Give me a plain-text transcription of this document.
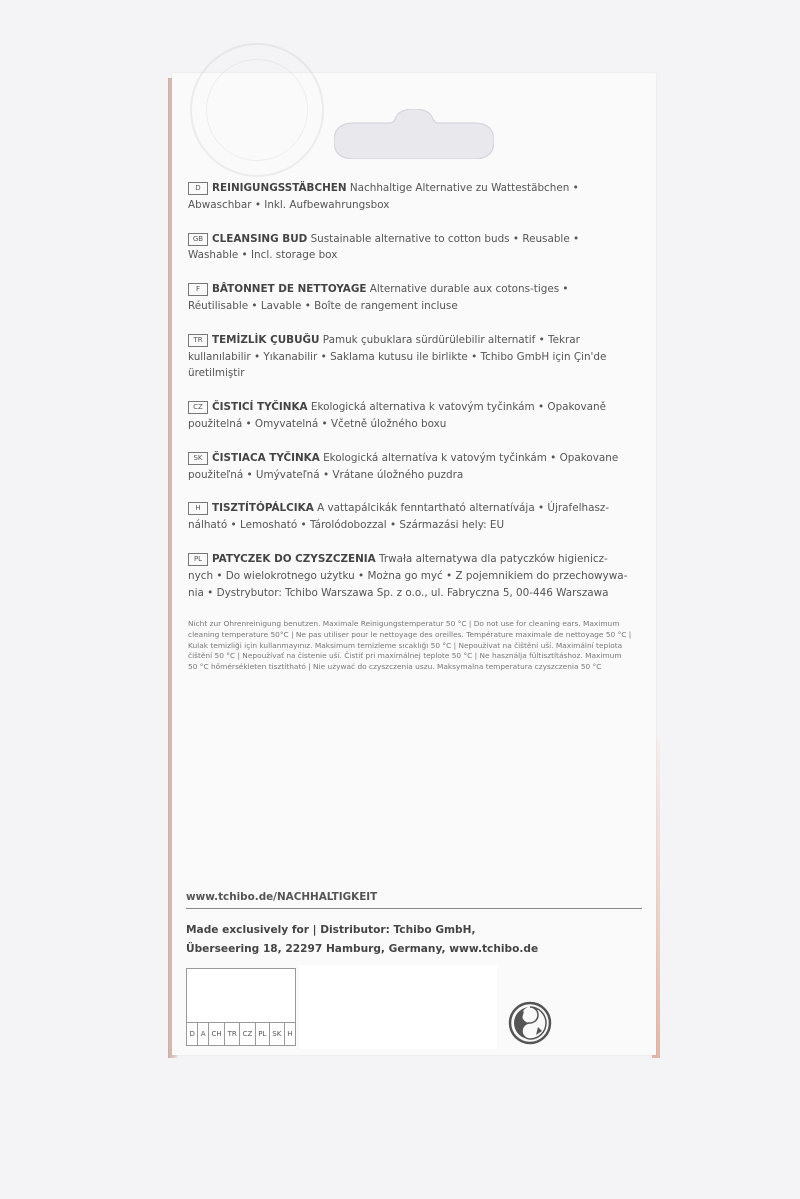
D REINIGUNGSSTÄBCHEN Nachhaltige Alternative zu Wattestäbchen •
Abwaschbar • Inkl. Aufbewahrungsbox
GB CLEANSING BUD Sustainable alternative to cotton buds • Reusable •
Washable • Incl. storage box
F BÂTONNET DE NETTOYAGE Alternative durable aux cotons-tiges •
Réutilisable • Lavable • Boîte de rangement incluse
TR TEMİZLİK ÇUBUĞU Pamuk çubuklara sürdürülebilir alternatif • Tekrar
kullanılabilir • Yıkanabilir • Saklama kutusu ile birlikte • Tchibo GmbH için Çin'de
üretilmiştir
CZ ČISTICÍ TYČINKA Ekologická alternativa k vatovým tyčinkám • Opakovaně
použitelná • Omyvatelná • Včetně úložného boxu
SK ČISTIACA TYČINKA Ekologická alternatíva k vatovým tyčinkám • Opakovane
použiteľná • Umývateľná • Vrátane úložného puzdra
H TISZTÍTÓPÁLCIKA A vattapálcikák fenntartható alternatívája • Újrafelhasz-
nálható • Lemosható • Tárolódobozzal • Származási hely: EU
PL PATYCZEK DO CZYSZCZENIA Trwała alternatywa dla patyczków higienicz-
nych • Do wielokrotnego użytku • Można go myć • Z pojemnikiem do przechowywa-
nia • Dystrybutor: Tchibo Warszawa Sp. z o.o., ul. Fabryczna 5, 00-446 Warszawa
Nicht zur Ohrenreinigung benutzen. Maximale Reinigungstemperatur 50 °C | Do not use for cleaning ears. Maximum
cleaning temperature 50°C | Ne pas utiliser pour le nettoyage des oreilles. Température maximale de nettoyage 50 °C |
Kulak temizliği için kullanmayınız. Maksimum temizleme sıcaklığı 50 °C | Nepoužívat na čištění uší. Maximální teplota
čištění 50 °C | Nepoužívať na čistenie uší. Čistiť pri maximálnej teplote 50 °C | Ne használja fültisztításhoz. Maximum
50 °C hőmérsékleten tisztítható | Nie używać do czyszczenia uszu. Maksymalna temperatura czyszczenia 50 °C
www.tchibo.de/NACHHALTIGKEIT
Made exclusively for | Distributor: Tchibo GmbH,
Überseering 18, 22297 Hamburg, Germany, www.tchibo.de
D A CH TR CZ PL SK H
